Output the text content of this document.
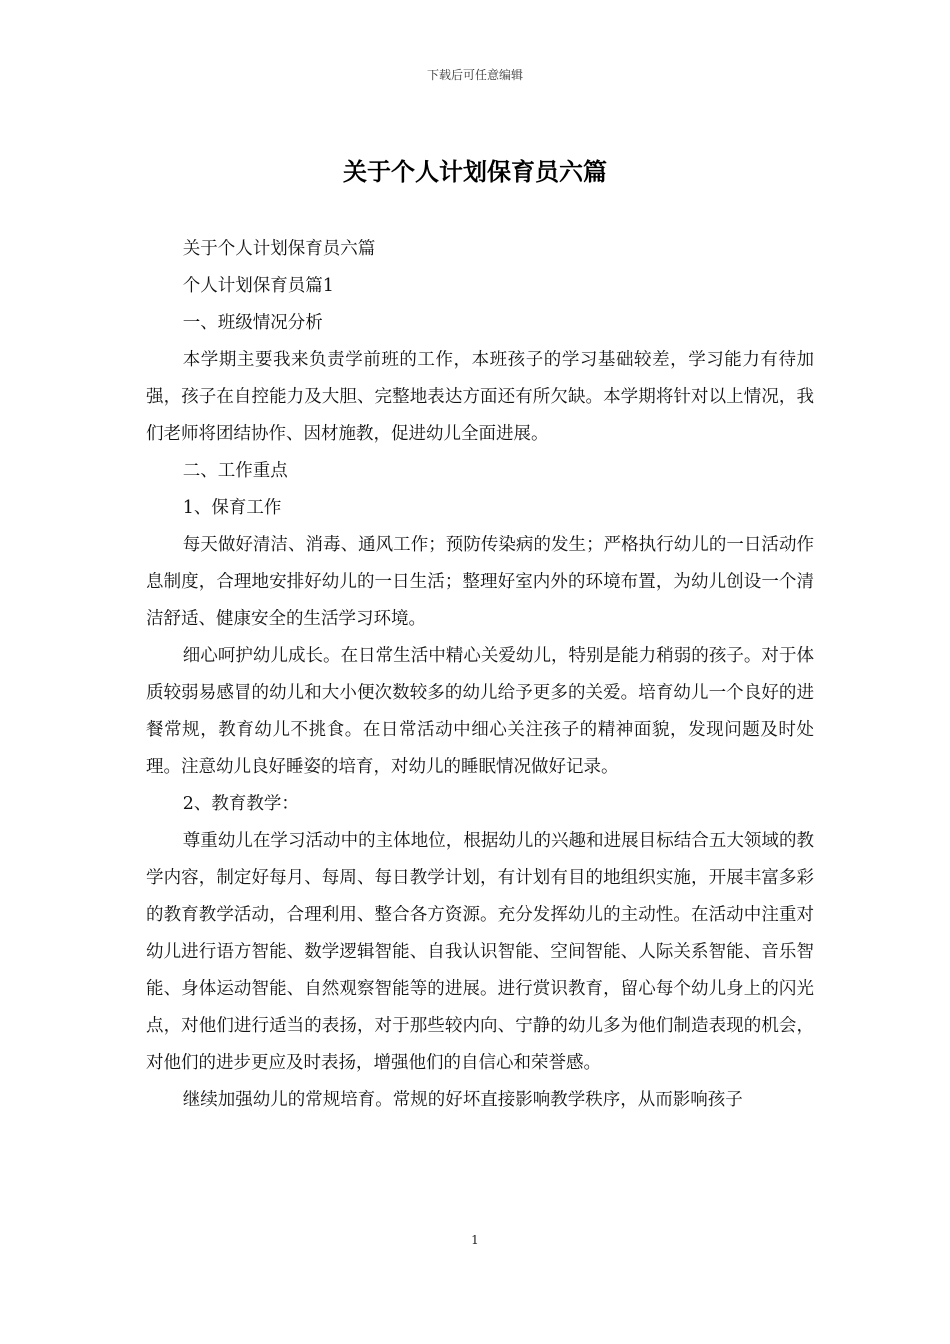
下载后可任意编辑
关于个人计划保育员六篇

关于个人计划保育员六篇

个人计划保育员篇1

一、班级情况分析

本学期主要我来负责学前班的工作，本班孩子的学习基础较差，学习能力有待加强，孩子在自控能力及大胆、完整地表达方面还有所欠缺。本学期将针对以上情况，我们老师将团结协作、因材施教，促进幼儿全面进展。

二、工作重点

1、保育工作

每天做好清洁、消毒、通风工作；预防传染病的发生；严格执行幼儿的一日活动作息制度，合理地安排好幼儿的一日生活；整理好室内外的环境布置，为幼儿创设一个清洁舒适、健康安全的生活学习环境。

细心呵护幼儿成长。在日常生活中精心关爱幼儿，特别是能力稍弱的孩子。对于体质较弱易感冒的幼儿和大小便次数较多的幼儿给予更多的关爱。培育幼儿一个良好的进餐常规，教育幼儿不挑食。在日常活动中细心关注孩子的精神面貌，发现问题及时处理。注意幼儿良好睡姿的培育，对幼儿的睡眠情况做好记录。

2、教育教学：

尊重幼儿在学习活动中的主体地位，根据幼儿的兴趣和进展目标结合五大领域的教学内容，制定好每月、每周、每日教学计划，有计划有目的地组织实施，开展丰富多彩的教育教学活动，合理利用、整合各方资源。充分发挥幼儿的主动性。在活动中注重对幼儿进行语方智能、数学逻辑智能、自我认识智能、空间智能、人际关系智能、音乐智能、身体运动智能、自然观察智能等的进展。进行赏识教育，留心每个幼儿身上的闪光点，对他们进行适当的表扬，对于那些较内向、宁静的幼儿多为他们制造表现的机会，对他们的进步更应及时表扬，增强他们的自信心和荣誉感。

继续加强幼儿的常规培育。常规的好坏直接影响教学秩序，从而影响孩子

1
